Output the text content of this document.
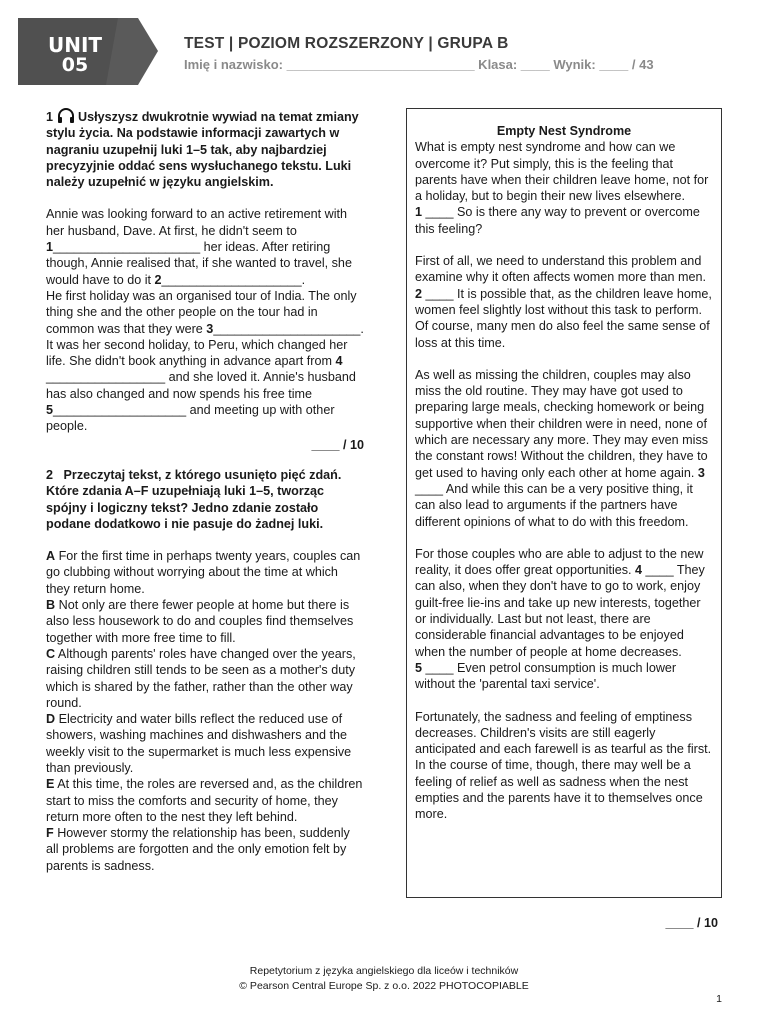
UNIT
05
TEST | POZIOM ROZSZERZONY | GRUPA B
Imię i nazwisko: __________________________ Klasa: ____ Wynik: ____ / 43

1 Usłyszysz dwukrotnie wywiad na temat zmiany stylu życia. Na podstawie informacji zawartych w nagraniu uzupełnij luki 1–5 tak, aby najbardziej precyzyjnie oddać sens wysłuchanego tekstu. Luki należy uzupełnić w języku angielskim.

Annie was looking forward to an active retirement with her husband, Dave. At first, he didn't seem to 1_____________________ her ideas. After retiring though, Annie realised that, if she wanted to travel, she would have to do it 2____________________.
He first holiday was an organised tour of India. The only thing she and the other people on the tour had in common was that they were 3_____________________. It was her second holiday, to Peru, which changed her life. She didn't book anything in advance apart from 4 _________________ and she loved it. Annie's husband has also changed and now spends his free time 5___________________ and meeting up with other people.

____ / 10

2 Przeczytaj tekst, z którego usunięto pięć zdań. Które zdania A–F uzupełniają luki 1–5, tworząc spójny i logiczny tekst? Jedno zdanie zostało podane dodatkowo i nie pasuje do żadnej luki.

A For the first time in perhaps twenty years, couples can go clubbing without worrying about the time at which they return home.

B Not only are there fewer people at home but there is also less housework to do and couples find themselves together with more free time to fill.

C Although parents' roles have changed over the years, raising children still tends to be seen as a mother's duty which is shared by the father, rather than the other way round.

D Electricity and water bills reflect the reduced use of showers, washing machines and dishwashers and the weekly visit to the supermarket is much less expensive than previously.

E At this time, the roles are reversed and, as the children start to miss the comforts and security of home, they return more often to the nest they left behind.

F However stormy the relationship has been, suddenly all problems are forgotten and the only emotion felt by parents is sadness.

Empty Nest Syndrome

What is empty nest syndrome and how can we overcome it? Put simply, this is the feeling that parents have when their children leave home, not for a holiday, but to begin their new lives elsewhere.
1 ____ So is there any way to prevent or overcome this feeling?

First of all, we need to understand this problem and examine why it often affects women more than men.
2 ____ It is possible that, as the children leave home, women feel slightly lost without this task to perform.
Of course, many men do also feel the same sense of loss at this time.

As well as missing the children, couples may also miss the old routine. They may have got used to preparing large meals, checking homework or being supportive when their children were in need, none of which are necessary any more. They may even miss the constant rows! Without the children, they have to get used to having only each other at home again. 3 ____ And while this can be a very positive thing, it can also lead to arguments if the partners have different opinions of what to do with this freedom.

For those couples who are able to adjust to the new reality, it does offer great opportunities. 4 ____ They can also, when they don't have to go to work, enjoy guilt-free lie-ins and take up new interests, together or individually. Last but not least, there are considerable financial advantages to be enjoyed when the number of people at home decreases.
5 ____ Even petrol consumption is much lower without the 'parental taxi service'.

Fortunately, the sadness and feeling of emptiness decreases. Children's visits are still eagerly anticipated and each farewell is as tearful as the first. In the course of time, though, there may well be a feeling of relief as well as sadness when the nest empties and the parents have it to themselves once more.

____ / 10
Repetytorium z języka angielskiego dla liceów i techników
© Pearson Central Europe Sp. z o.o. 2022 PHOTOCOPIABLE
1
